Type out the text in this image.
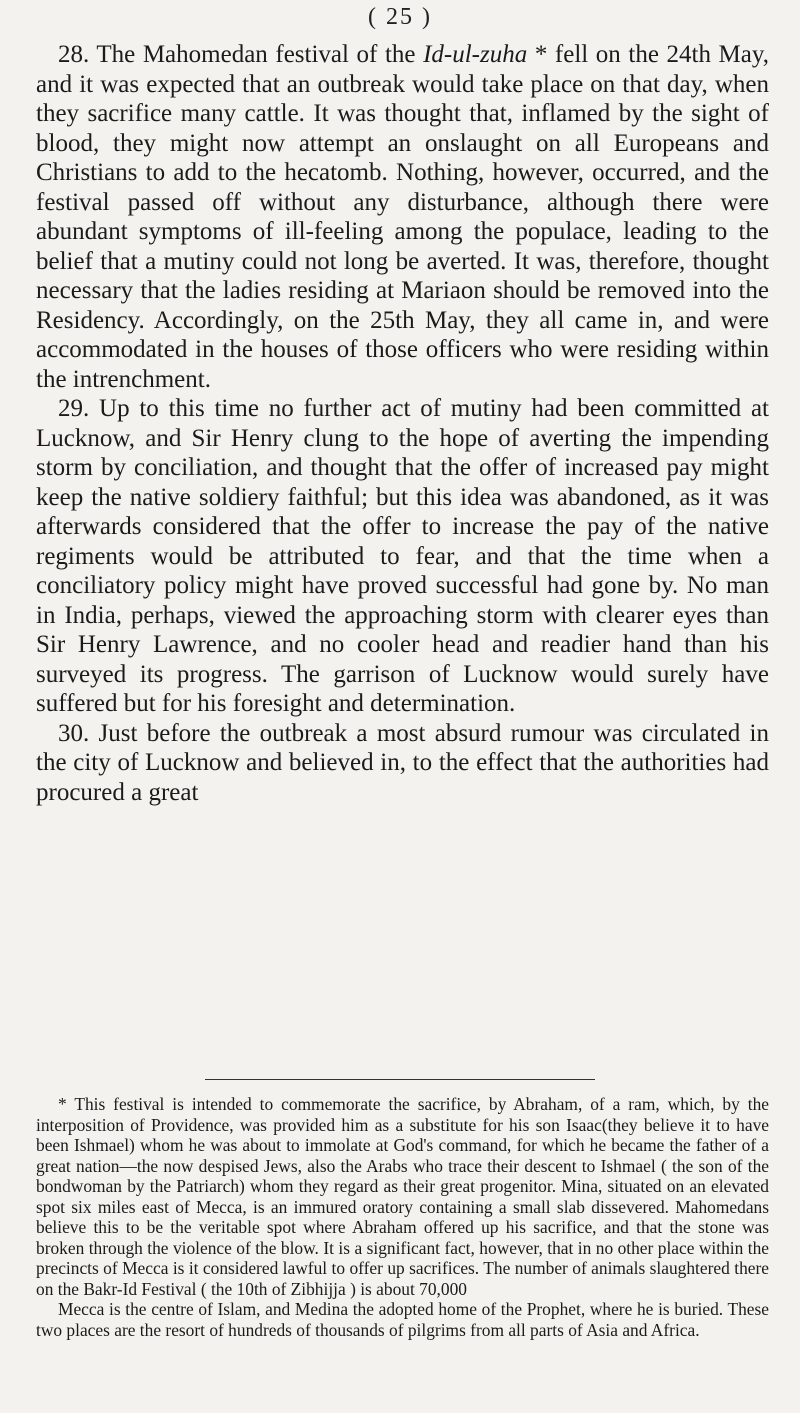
( 25 )

28. The Mahomedan festival of the Id-ul-zuha * fell on the 24th May, and it was expected that an outbreak would take place on that day, when they sacrifice many cattle. It was thought that, inflamed by the sight of blood, they might now attempt an onslaught on all Europeans and Christians to add to the hecatomb. Nothing, however, occurred, and the festival passed off without any disturbance, although there were abundant symptoms of ill-feeling among the populace, leading to the belief that a mutiny could not long be averted. It was, therefore, thought necessary that the ladies residing at Mariaon should be removed into the Residency. Accordingly, on the 25th May, they all came in, and were accommodated in the houses of those officers who were residing within the intrenchment.

29. Up to this time no further act of mutiny had been committed at Lucknow, and Sir Henry clung to the hope of averting the impending storm by conciliation, and thought that the offer of increased pay might keep the native soldiery faithful; but this idea was abandoned, as it was afterwards considered that the offer to increase the pay of the native regiments would be attributed to fear, and that the time when a conciliatory policy might have proved successful had gone by. No man in India, perhaps, viewed the approaching storm with clearer eyes than Sir Henry Lawrence, and no cooler head and readier hand than his surveyed its progress. The garrison of Lucknow would surely have suffered but for his foresight and determination.

30. Just before the outbreak a most absurd rumour was circulated in the city of Lucknow and believed in, to the effect that the authorities had procured a great

* This festival is intended to commemorate the sacrifice, by Abraham, of a ram, which, by the interposition of Providence, was provided him as a substitute for his son Isaac(they believe it to have been Ishmael) whom he was about to immolate at God's command, for which he became the father of a great nation—the now despised Jews, also the Arabs who trace their descent to Ishmael ( the son of the bondwoman by the Patriarch) whom they regard as their great progenitor. Mina, situated on an elevated spot six miles east of Mecca, is an immured oratory containing a small slab dissevered. Mahomedans believe this to be the veritable spot where Abraham offered up his sacrifice, and that the stone was broken through the violence of the blow. It is a significant fact, however, that in no other place within the precincts of Mecca is it considered lawful to offer up sacrifices. The number of animals slaughtered there on the Bakr-Id Festival ( the 10th of Zibhijja ) is about 70,000

Mecca is the centre of Islam, and Medina the adopted home of the Prophet, where he is buried. These two places are the resort of hundreds of thousands of pilgrims from all parts of Asia and Africa.
